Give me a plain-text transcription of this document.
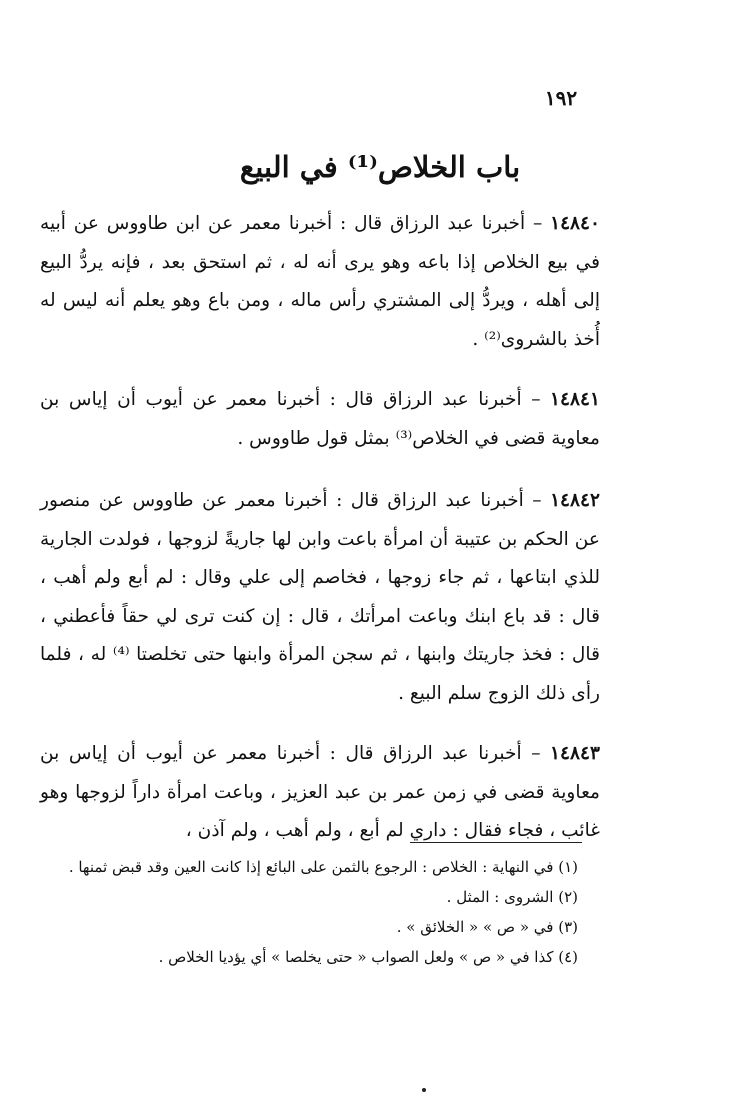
١٩٢
باب الخلاص⁽¹⁾ في البيع

١٤٨٤٠ – أخبرنا عبد الرزاق قال : أخبرنا معمر عن ابن طاووس عن أبيه في بيع الخلاص إذا باعه وهو يرى أنه له ، ثم استحق بعد ، فإنه يردُّ البيع إلى أهله ، ويردُّ إلى المشتري رأس ماله ، ومن باع وهو يعلم أنه ليس له أُخذ بالشروى⁽²⁾ .

١٤٨٤١ – أخبرنا عبد الرزاق قال : أخبرنا معمر عن أيوب أن إياس بن معاوية قضى في الخلاص⁽³⁾ بمثل قول طاووس .

١٤٨٤٢ – أخبرنا عبد الرزاق قال : أخبرنا معمر عن طاووس عن منصور عن الحكم بن عتيبة أن امرأة باعت وابن لها جاريةً لزوجها ، فولدت الجارية للذي ابتاعها ، ثم جاء زوجها ، فخاصم إلى علي وقال : لم أبع ولم أهب ، قال : قد باع ابنك وباعت امرأتك ، قال : إن كنت ترى لي حقاً فأعطني ، قال : فخذ جاريتك وابنها ، ثم سجن المرأة وابنها حتى تخلصتا ⁽⁴⁾ له ، فلما رأى ذلك الزوج سلم البيع .

١٤٨٤٣ – أخبرنا عبد الرزاق قال : أخبرنا معمر عن أيوب أن إياس بن معاوية قضى في زمن عمر بن عبد العزيز ، وباعت امرأة داراً لزوجها وهو غائب ، فجاء فقال : داري لم أبع ، ولم أهب ، ولم آذن ،

(١) في النهاية : الخلاص : الرجوع بالثمن على البائع إذا كانت العين وقد قبض ثمنها .

(٢) الشروى : المثل .

(٣) في « ص » « الخلائق » .

(٤) كذا في « ص » ولعل الصواب « حتى يخلصا » أي يؤديا الخلاص .
